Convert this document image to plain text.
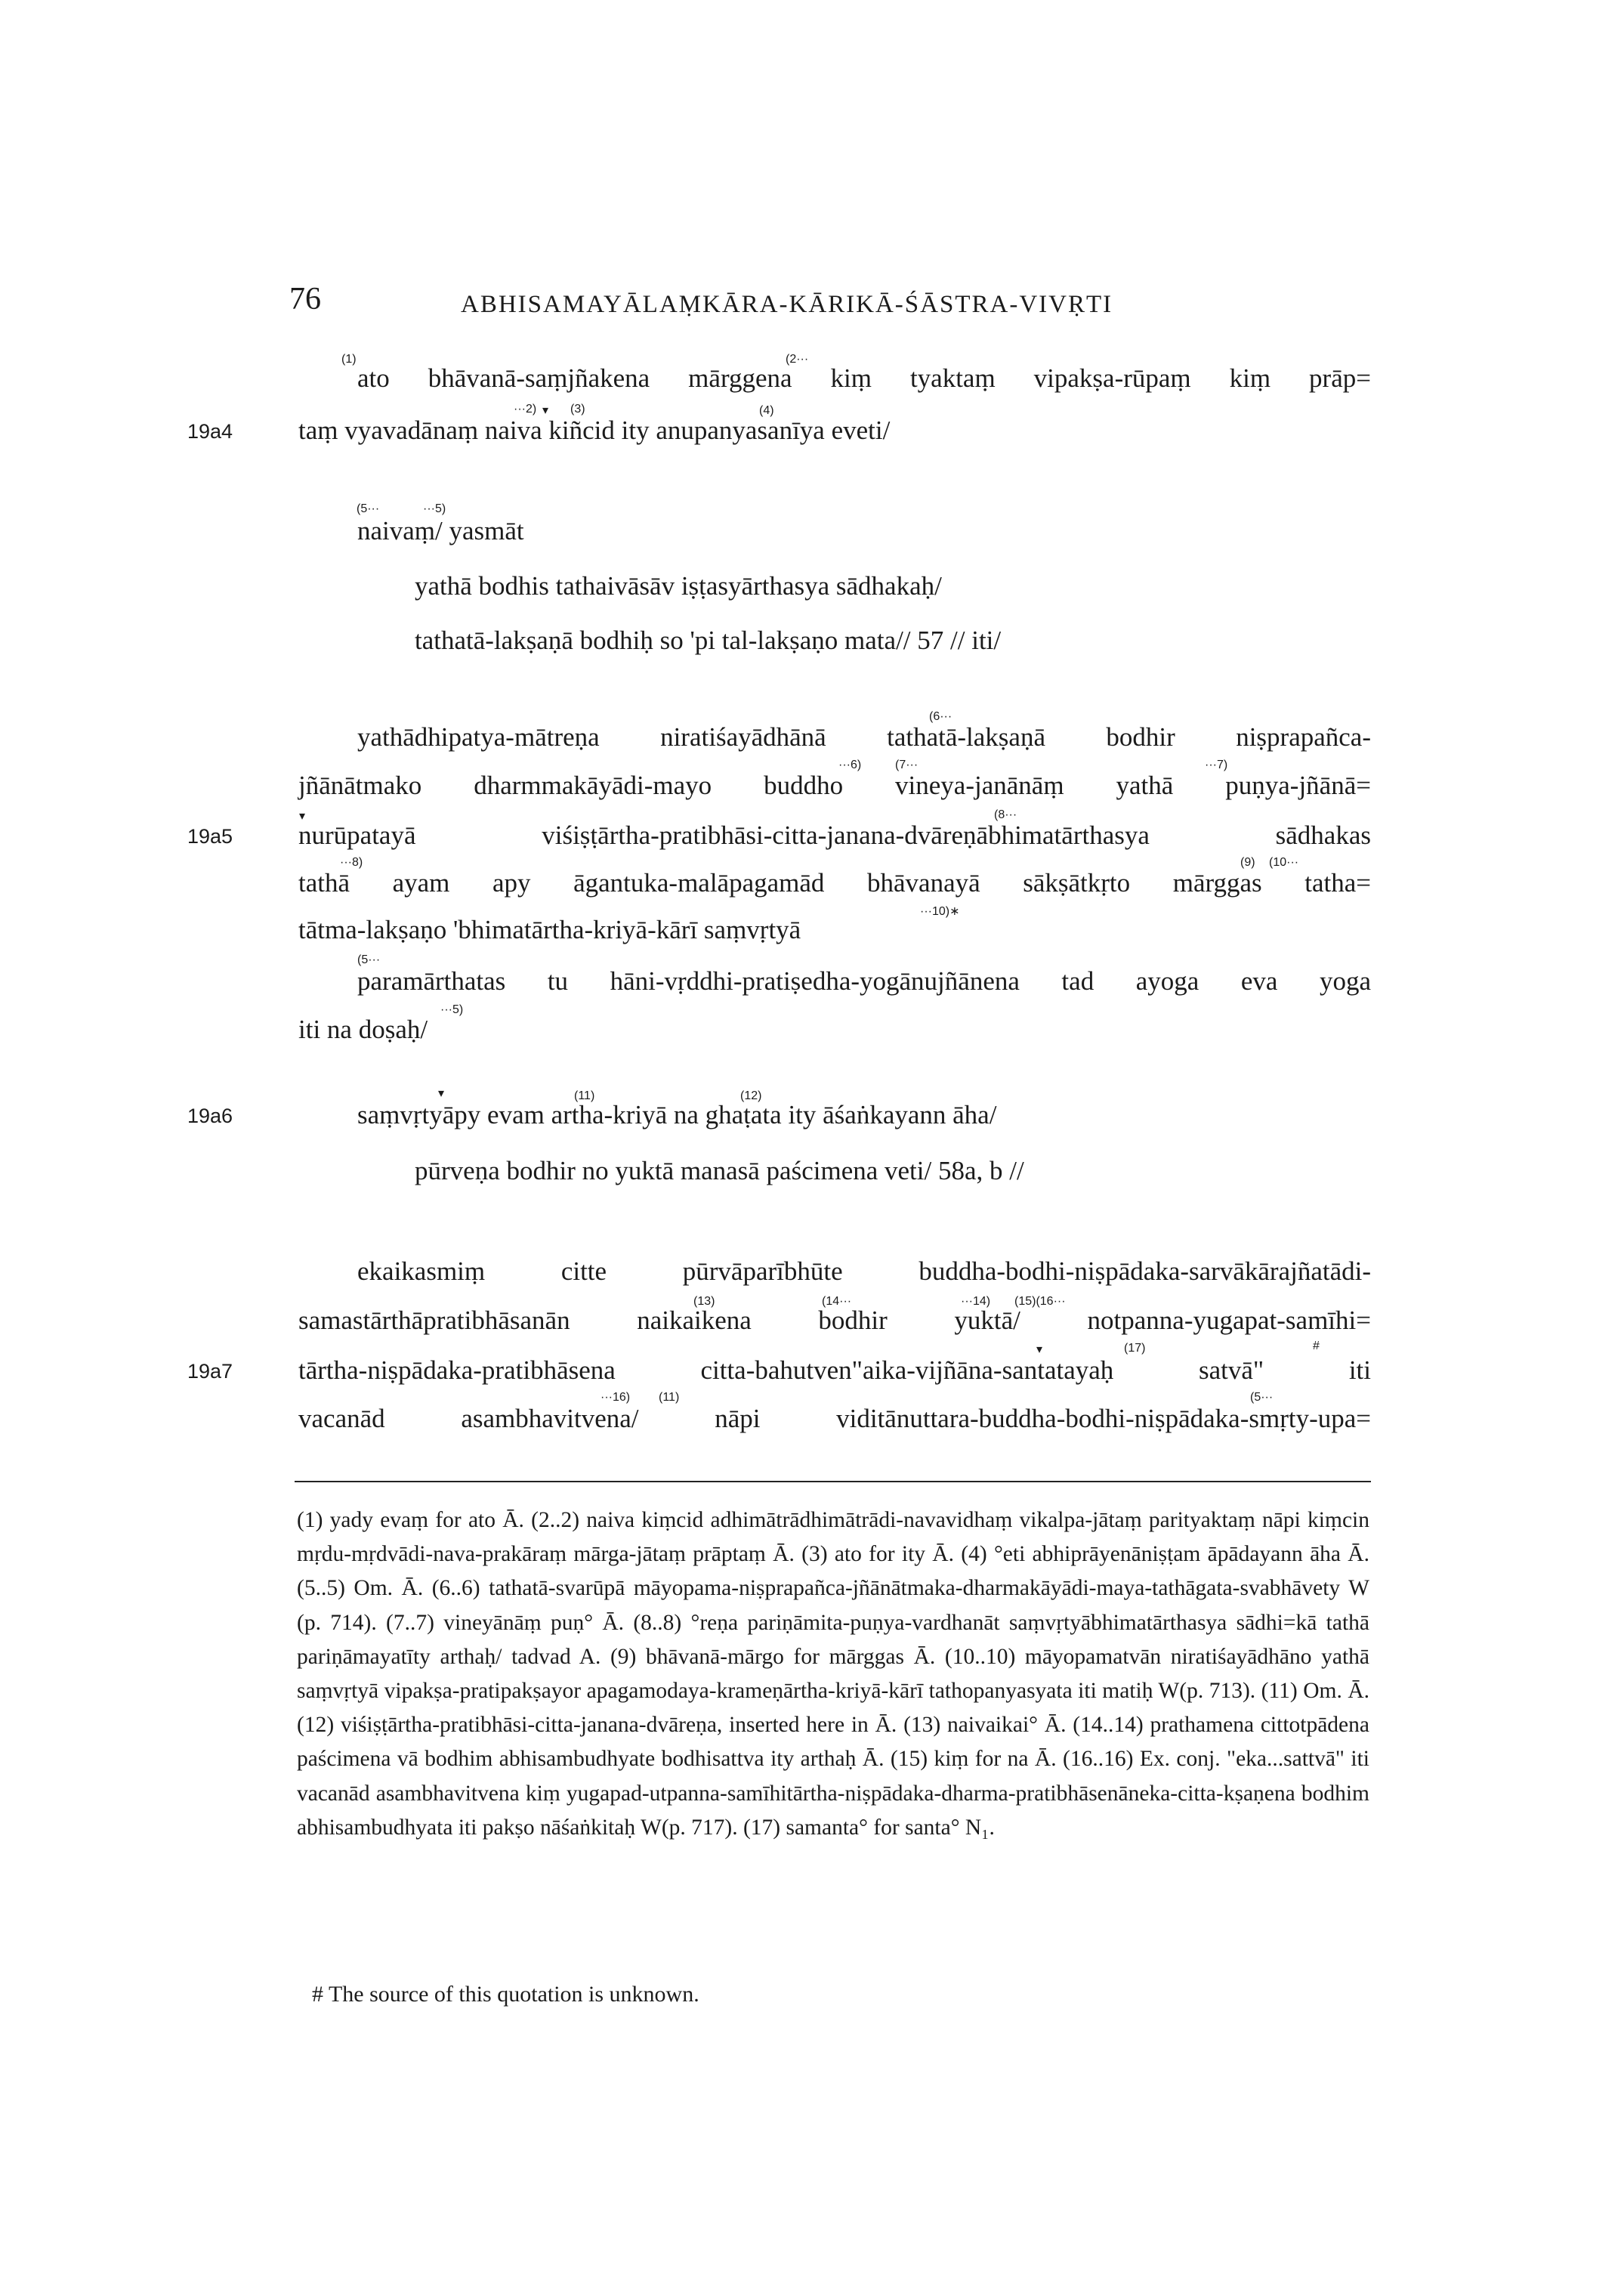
76	ABHISAMAYĀLAṂKĀRA-KĀRIKĀ-ŚĀSTRA-VIVṚTI
(1)	(2···
ato bhāvanā-saṃjñakena mārggena kiṃ tyaktaṃ vipakṣa-rūpaṃ kiṃ prāp=
···2) ▾ (3)	(4)
19a4 taṃ vyavadānaṃ naiva kiñcid ity anupanyasanīya eveti/
(5···	···5)
naivaṃ/ yasmāt
yathā bodhis tathaivāsāv iṣṭasyārthasya sādhakaḥ/
tathatā-lakṣaṇā bodhiḥ so 'pi tal-lakṣaṇo mata// 57 // iti/
(6···
yathādhipatya-mātreṇa niratiśayādhānā tathatā-lakṣaṇā bodhir niṣprapañca-
···6)	(7···	···7)
jñānātmako dharmmakāyādi-mayo buddho vineya-janānāṃ yathā puṇya-jñānā=
▾	(8···
19a5 nurūpatayā viśiṣṭārtha-pratibhāsi-citta-janana-dvāreṇābhimatārthasya sādhakas
···8)	(9) (10···
tathā ayam apy āgantuka-malāpagamād bhāvanayā sākṣātkṛto mārggas tatha=
···10)∗
tātma-lakṣaṇo 'bhimatārtha-kriyā-kārī saṃvṛtyā
(5···
paramārthatas tu hāni-vṛddhi-pratiṣedha-yogānujñānena tad ayoga eva yoga
···5)
iti na doṣaḥ/
▾	(11)	(12)
19a6	saṃvṛtyāpy evam artha-kriyā na ghaṭata ity āśaṅkayann āha/
pūrveṇa bodhir no yuktā manasā paścimena veti/ 58a, b //
ekaikasmiṃ citte pūrvāparībhūte buddha-bodhi-niṣpādaka-sarvākārajñatādi-
(13)	(14···	···14) (15)(16···
samastārthāpratibhāsanān naikaikena bodhir yuktā/ notpanna-yugapat-samīhi=
▾	(17)	#
19a7 tārtha-niṣpādaka-pratibhāsena citta-bahutven"aika-vijñāna-santatayaḥ satvā" iti
···16) (11)	(5···
vacanād asambhavitvena/ nāpi viditānuttara-buddha-bodhi-niṣpādaka-smṛty-upa=
(1) yady evaṃ for ato Ā. (2..2) naiva kiṃcid adhimātrādhimātrādi-navavidhaṃ vikalpa-jātaṃ parityaktaṃ nāpi kiṃcin mṛdu-mṛdvādi-nava-prakāraṃ mārga-jātaṃ prāptaṃ Ā. (3) ato for ity Ā. (4) °eti abhiprāyenāniṣṭam āpādayann āha Ā. (5..5) Om. Ā. (6..6) tathatā-svarūpā māyopama-niṣprapañca-jñānātmaka-dharmakāyādi-maya-tathāgata-svabhāvety W (p. 714). (7..7) vineyānāṃ puṇ° Ā. (8..8) °reṇa pariṇāmita-puṇya-vardhanāt saṃvṛtyābhimatārthasya sādhi=kā tathā pariṇāmayatīty arthaḥ/ tadvad A. (9) bhāvanā-mārgo for mārggas Ā. (10..10) māyopamatvān niratiśayādhāno yathā saṃvṛtyā vipakṣa-pratipakṣayor apagamodaya-krameṇārtha-kriyā-kārī tathopanyasyata iti matiḥ W(p. 713). (11) Om. Ā. (12) viśiṣṭārtha-pratibhāsi-citta-janana-dvāreṇa, inserted here in Ā. (13) naivaikai° Ā. (14..14) prathamena cittotpādena paścimena vā bodhim abhisambudhyate bodhisattva ity arthaḥ Ā. (15) kiṃ for na Ā. (16..16) Ex. conj. "eka...sattvā" iti vacanād asambhavitvena kiṃ yugapad-utpanna-samīhitārtha-niṣpādaka-dharma-pratibhāsenāneka-citta-kṣaṇena bodhim abhisambudhyata iti pakṣo nāśaṅkitaḥ W(p. 717). (17) samanta° for santa° N₁.
# The source of this quotation is unknown.
